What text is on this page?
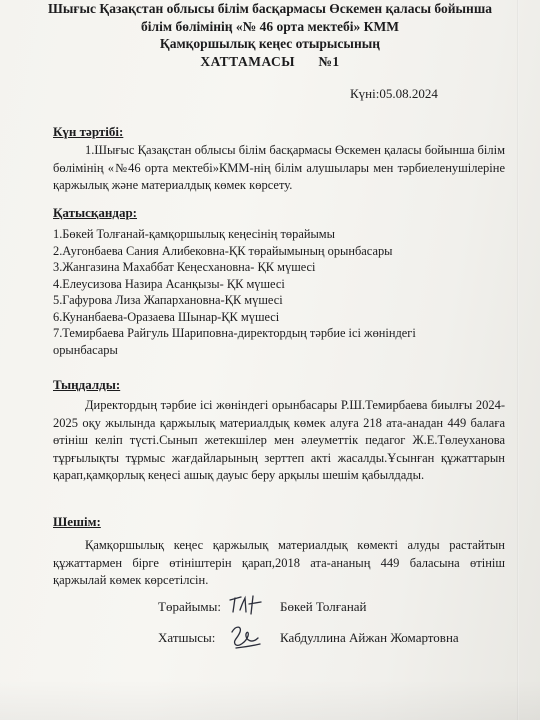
Шығыс Қазақстан облысы білім басқармасы Өскемен қаласы бойынша
білім бөлімінің «№ 46 орта мектебі» КММ
Қамқоршылық кеңес отырысының
ХАТТАМАСЫ      №1
Күні:05.08.2024
Күн тәртібі:

1.Шығыс Қазақстан облысы білім басқармасы Өскемен қаласы бойынша білім бөлімінің «№46 орта мектебі»КММ-нің білім алушылары мен тәрбиеленушілеріне қаржылық және материалдық көмек көрсету.

Қатысқандар:
1.Бөкей Толғанай-қамқоршылық кеңесінің төрайымы
2.Аугонбаева Сания Алибековна-ҚК төрайымының орынбасары
3.Жангазина Махаббат Кеңесхановна- ҚК мүшесі
4.Елеусизова Назира Асанқызы- ҚК мүшесі
5.Гафурова Лиза Жапархановна-ҚК мүшесі
6.Кунанбаева-Оразаева Шынар-ҚК мүшесі
7.Темирбаева Райгуль Шариповна-директордың тәрбие ісі жөніндегі орынбасары
Тыңдалды:

Директордың тәрбие ісі жөніндегі орынбасары Р.Ш.Темирбаева биылғы 2024-2025 оқу жылында қаржылық материалдық көмек алуға 218 ата-анадан 449 балаға өтініш келіп түсті.Сынып жетекшілер мен әлеуметтік педагог Ж.Е.Төлеуханова тұрғылықты тұрмыс жағдайларының зерттеп акті жасалды.Ұсынған құжаттарын қарап,қамқорлық кеңесі ашық дауыс беру арқылы шешім қабылдады.

Шешім:

Қамқоршылық кеңес қаржылық материалдық көмекті алуды растайтын құжаттармен бірге өтініштерін қарап,2018 ата-ананың 449 баласына өтініш қаржылай көмек көрсетілсін.

Төрайымы:	Бөкей Толғанай
Хатшысы:	Кабдуллина Айжан Жомартовна
